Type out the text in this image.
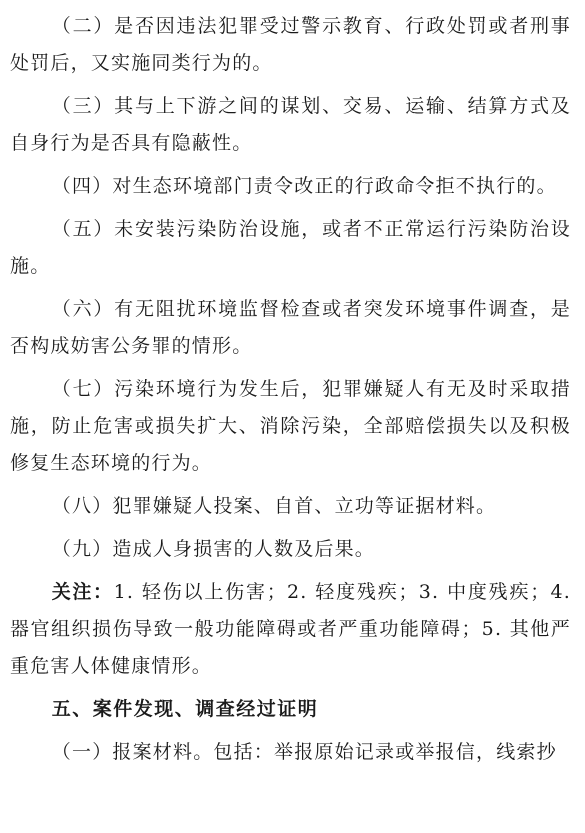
（二）是否因违法犯罪受过警示教育、行政处罚或者刑事处罚后，又实施同类行为的。

（三）其与上下游之间的谋划、交易、运输、结算方式及自身行为是否具有隐蔽性。

（四）对生态环境部门责令改正的行政命令拒不执行的。

（五）未安装污染防治设施，或者不正常运行污染防治设施。

（六）有无阻扰环境监督检查或者突发环境事件调查，是否构成妨害公务罪的情形。

（七）污染环境行为发生后，犯罪嫌疑人有无及时采取措施，防止危害或损失扩大、消除污染，全部赔偿损失以及积极修复生态环境的行为。

（八）犯罪嫌疑人投案、自首、立功等证据材料。

（九）造成人身损害的人数及后果。

关注：1. 轻伤以上伤害；2. 轻度残疾；3. 中度残疾；4. 器官组织损伤导致一般功能障碍或者严重功能障碍；5. 其他严重危害人体健康情形。

五、案件发现、调查经过证明

（一）报案材料。包括：举报原始记录或举报信，线索抄
